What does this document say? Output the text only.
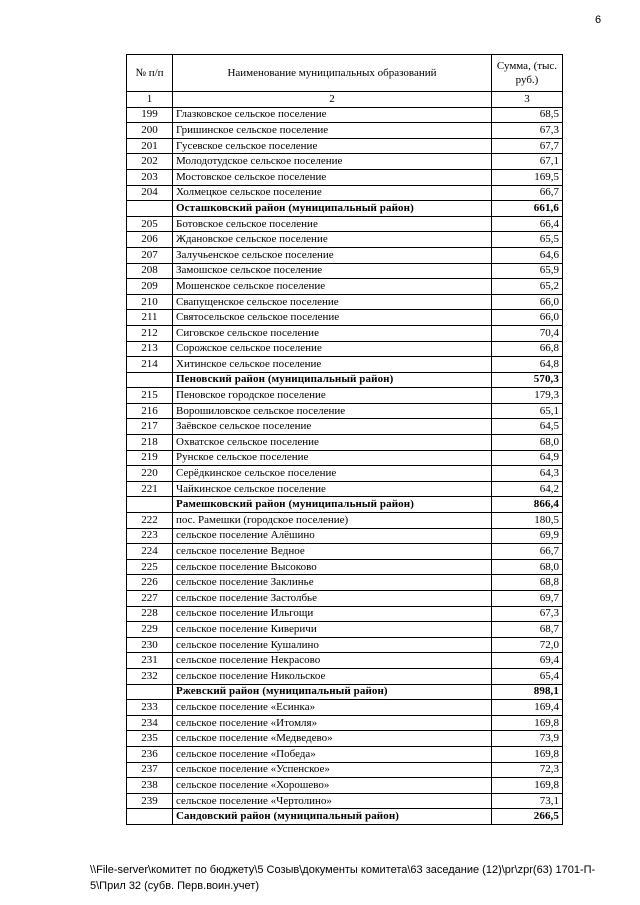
6
№ п/п	Наименование муниципальных образований	Сумма, (тыс. руб.)
1	2	3
199	Глазковское сельское поселение	68,5
200	Гришинское сельское поселение	67,3
201	Гусевское сельское поселение	67,7
202	Молодотудское сельское поселение	67,1
203	Мостовское сельское поселение	169,5
204	Холмецкое сельское поселение	66,7
	Осташковский район (муниципальный район)	661,6
205	Ботовское сельское поселение	66,4
206	Ждановское сельское поселение	65,5
207	Залучьенское сельское поселение	64,6
208	Замошское сельское поселение	65,9
209	Мошенское сельское поселение	65,2
210	Свапущенское сельское поселение	66,0
211	Святосельское сельское поселение	66,0
212	Сиговское сельское поселение	70,4
213	Сорожское сельское поселение	66,8
214	Хитинское сельское поселение	64,8
	Пеновский район (муниципальный район)	570,3
215	Пеновское городское поселение	179,3
216	Ворошиловское сельское поселение	65,1
217	Заёвское сельское поселение	64,5
218	Охватское сельское поселение	68,0
219	Рунское сельское поселение	64,9
220	Серёдкинское сельское поселение	64,3
221	Чайкинское сельское поселение	64,2
	Рамешковский район (муниципальный район)	866,4
222	пос. Рамешки (городское поселение)	180,5
223	сельское поселение Алёшино	69,9
224	сельское поселение Ведное	66,7
225	сельское поселение Высоково	68,0
226	сельское поселение Заклинье	68,8
227	сельское поселение Застолбье	69,7
228	сельское поселение Ильгощи	67,3
229	сельское поселение Киверичи	68,7
230	сельское поселение Кушалино	72,0
231	сельское поселение Некрасово	69,4
232	сельское поселение Никольское	65,4
	Ржевский район (муниципальный район)	898,1
233	сельское поселение «Есинка»	169,4
234	сельское поселение «Итомля»	169,8
235	сельское поселение «Медведево»	73,9
236	сельское поселение «Победа»	169,8
237	сельское поселение «Успенское»	72,3
238	сельское поселение «Хорошево»	169,8
239	сельское поселение «Чертолино»	73,1
	Сандовский район (муниципальный район)	266,5
\\File-server\комитет по бюджету\5 Созыв\документы комитета\63 заседание (12)\pr\zpr(63) 1701-П-
5\Прил 32 (субв. Перв.воин.учет)
